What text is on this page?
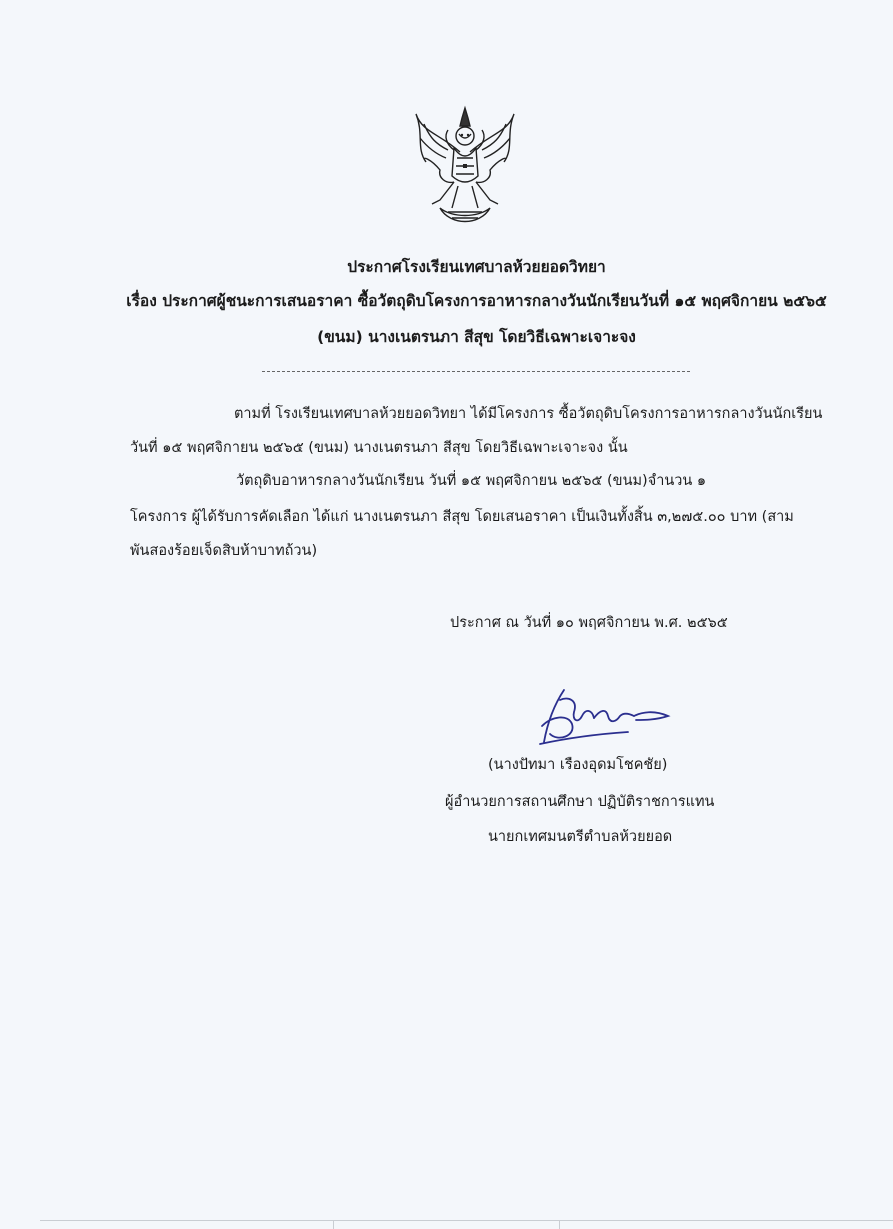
ประกาศโรงเรียนเทศบาลห้วยยอดวิทยา
เรื่อง ประกาศผู้ชนะการเสนอราคา ซื้อวัตถุดิบโครงการอาหารกลางวันนักเรียนวันที่ ๑๕ พฤศจิกายน ๒๕๖๕
(ขนม) นางเนตรนภา สีสุข โดยวิธีเฉพาะเจาะจง
ตามที่ โรงเรียนเทศบาลห้วยยอดวิทยา ได้มีโครงการ ซื้อวัตถุดิบโครงการอาหารกลางวันนักเรียน
วันที่ ๑๕ พฤศจิกายน ๒๕๖๕ (ขนม) นางเนตรนภา สีสุข โดยวิธีเฉพาะเจาะจง นั้น
วัตถุดิบอาหารกลางวันนักเรียน วันที่ ๑๕ พฤศจิกายน ๒๕๖๕ (ขนม)จำนวน ๑
โครงการ ผู้ได้รับการคัดเลือก ได้แก่ นางเนตรนภา สีสุข โดยเสนอราคา เป็นเงินทั้งสิ้น ๓,๒๗๕.๐๐ บาท (สาม
พันสองร้อยเจ็ดสิบห้าบาทถ้วน)
ประกาศ ณ วันที่ ๑๐ พฤศจิกายน พ.ศ. ๒๕๖๕
(นางปัทมา เรืองอุดมโชคชัย)
ผู้อำนวยการสถานศึกษา ปฏิบัติราชการแทน
นายกเทศมนตรีตำบลห้วยยอด
